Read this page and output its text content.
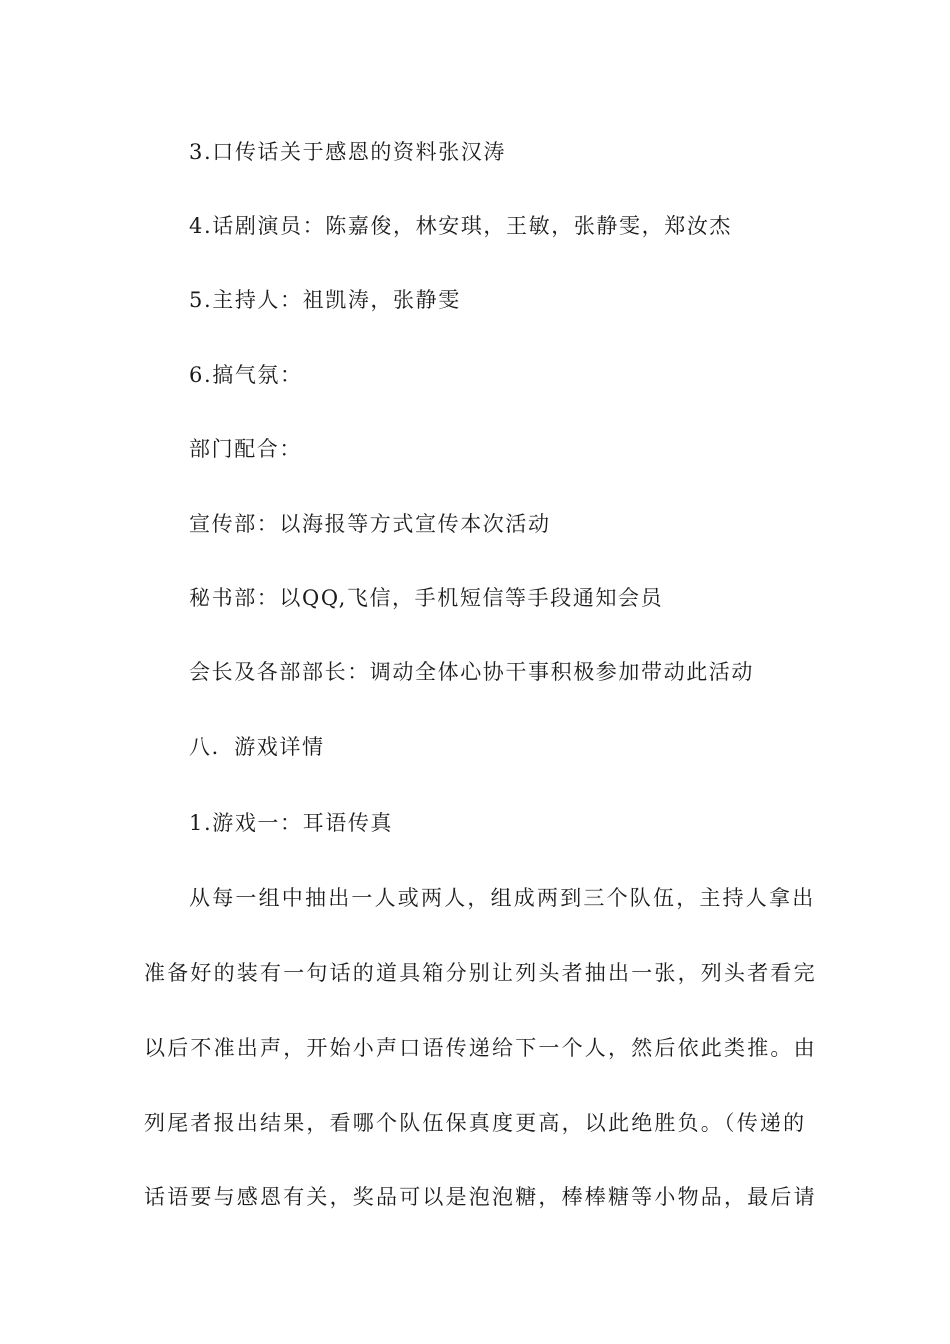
3.口传话关于感恩的资料张汉涛
4.话剧演员：陈嘉俊，林安琪，王敏，张静雯，郑汝杰
5.主持人：祖凯涛，张静雯
6.搞气氛：
部门配合：
宣传部：以海报等方式宣传本次活动
秘书部：以QQ,飞信，手机短信等手段通知会员
会长及各部部长：调动全体心协干事积极参加带动此活动
八．游戏详情
1.游戏一：耳语传真
从每一组中抽出一人或两人，组成两到三个队伍，主持人拿出
准备好的装有一句话的道具箱分别让列头者抽出一张，列头者看完
以后不准出声，开始小声口语传递给下一个人，然后依此类推。由
列尾者报出结果，看哪个队伍保真度更高，以此绝胜负。（传递的
话语要与感恩有关，奖品可以是泡泡糖，棒棒糖等小物品，最后请
